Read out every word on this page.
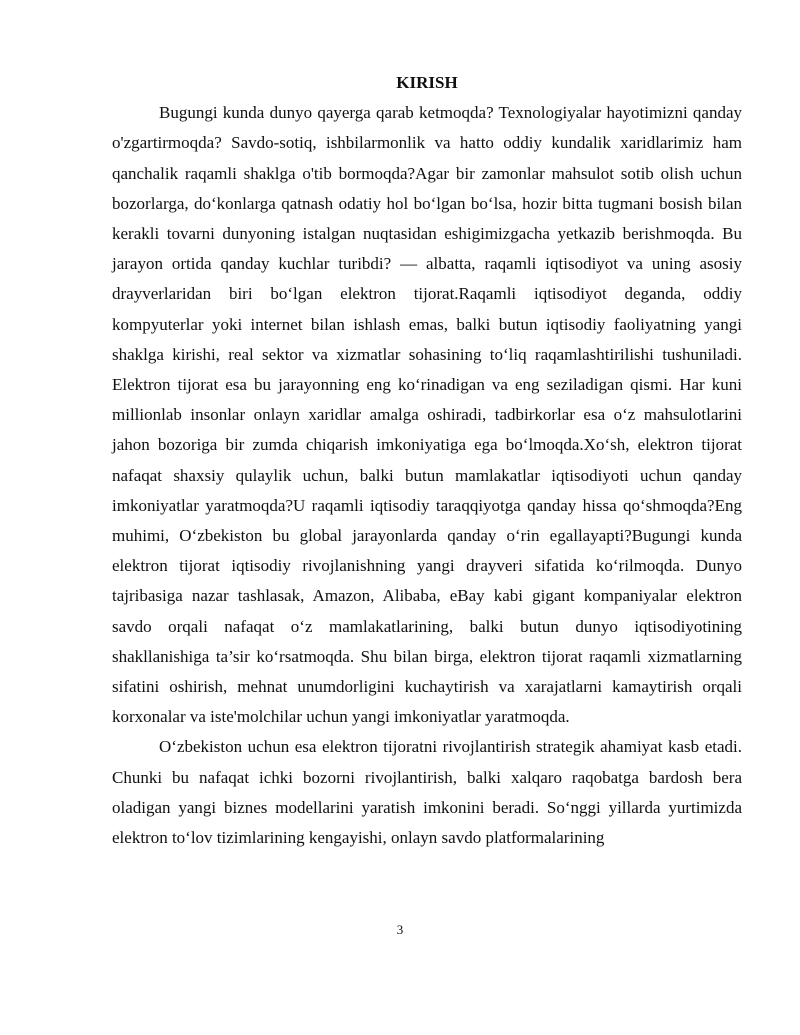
KIRISH

Bugungi kunda dunyo qayerga qarab ketmoqda? Texnologiyalar hayotimizni qanday o'zgartirmoqda? Savdo-sotiq, ishbilarmonlik va hatto oddiy kundalik xaridlarimiz ham qanchalik raqamli shaklga o'tib bormoqda?Agar bir zamonlar mahsulot sotib olish uchun bozorlarga, do‘konlarga qatnash odatiy hol bo‘lgan bo‘lsa, hozir bitta tugmani bosish bilan kerakli tovarni dunyoning istalgan nuqtasidan eshigimizgacha yetkazib berishmoqda. Bu jarayon ortida qanday kuchlar turibdi? — albatta, raqamli iqtisodiyot va uning asosiy drayverlaridan biri bo‘lgan elektron tijorat.Raqamli iqtisodiyot deganda, oddiy kompyuterlar yoki internet bilan ishlash emas, balki butun iqtisodiy faoliyatning yangi shaklga kirishi, real sektor va xizmatlar sohasining to‘liq raqamlashtirilishi tushuniladi. Elektron tijorat esa bu jarayonning eng ko‘rinadigan va eng seziladigan qismi. Har kuni millionlab insonlar onlayn xaridlar amalga oshiradi, tadbirkorlar esa o‘z mahsulotlarini jahon bozoriga bir zumda chiqarish imkoniyatiga ega bo‘lmoqda.Xo‘sh, elektron tijorat nafaqat shaxsiy qulaylik uchun, balki butun mamlakatlar iqtisodiyoti uchun qanday imkoniyatlar yaratmoqda?U raqamli iqtisodiy taraqqiyotga qanday hissa qo‘shmoqda?Eng muhimi, O‘zbekiston bu global jarayonlarda qanday o‘rin egallayapti?Bugungi kunda elektron tijorat iqtisodiy rivojlanishning yangi drayveri sifatida ko‘rilmoqda. Dunyo tajribasiga nazar tashlasak, Amazon, Alibaba, eBay kabi gigant kompaniyalar elektron savdo orqali nafaqat o‘z mamlakatlarining, balki butun dunyo iqtisodiyotining shakllanishiga ta’sir ko‘rsatmoqda. Shu bilan birga, elektron tijorat raqamli xizmatlarning sifatini oshirish, mehnat unumdorligini kuchaytirish va xarajatlarni kamaytirish orqali korxonalar va iste'molchilar uchun yangi imkoniyatlar yaratmoqda.

O‘zbekiston uchun esa elektron tijoratni rivojlantirish strategik ahamiyat kasb etadi. Chunki bu nafaqat ichki bozorni rivojlantirish, balki xalqaro raqobatga bardosh bera oladigan yangi biznes modellarini yaratish imkonini beradi. So‘nggi yillarda yurtimizda elektron to‘lov tizimlarining kengayishi, onlayn savdo platformalarining

3
